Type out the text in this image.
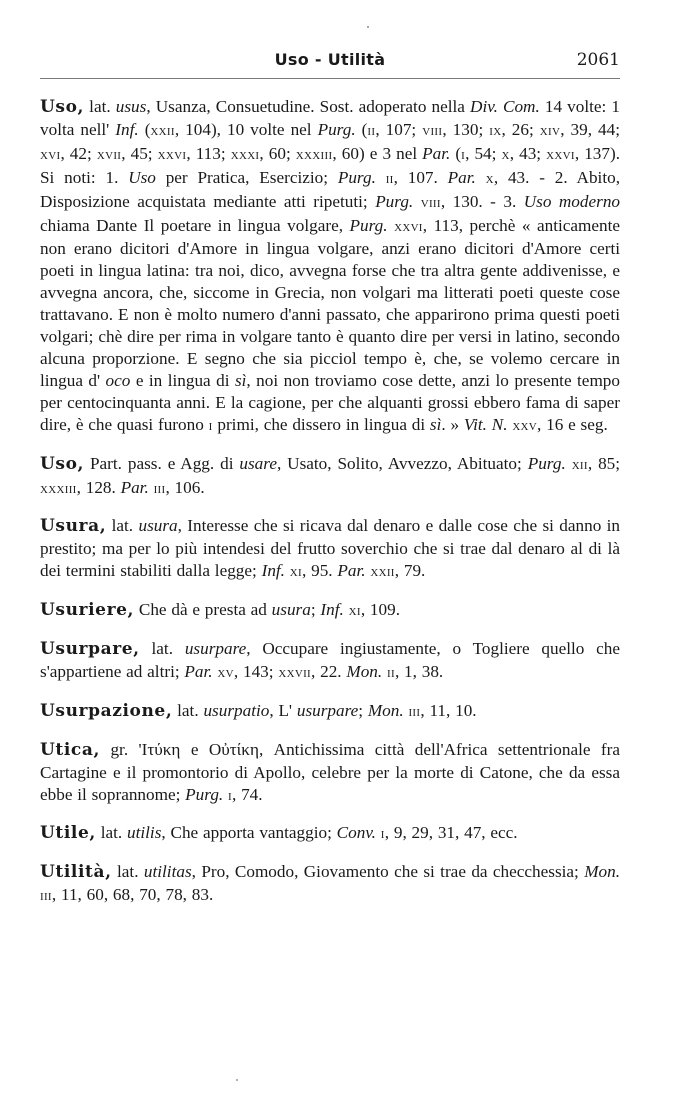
Uso - Utilità	2061

Uso, lat. usus, Usanza, Consuetudine. Sost. adoperato nella Div. Com. 14 volte: 1 volta nell' Inf. (xxii, 104), 10 volte nel Purg. (ii, 107; viii, 130; ix, 26; xiv, 39, 44; xvi, 42; xvii, 45; xxvi, 113; xxxi, 60; xxxiii, 60) e 3 nel Par. (i, 54; x, 43; xxvi, 137). Si noti: 1. Uso per Pratica, Esercizio; Purg. ii, 107. Par. x, 43. - 2. Abito, Disposizione acquistata mediante atti ripetuti; Purg. viii, 130. - 3. Uso moderno chiama Dante Il poetare in lingua volgare, Purg. xxvi, 113, perchè « anticamente non erano dicitori d'Amore in lingua volgare, anzi erano dicitori d'Amore certi poeti in lingua latina: tra noi, dico, avvegna forse che tra altra gente addivenisse, e avvegna ancora, che, siccome in Grecia, non volgari ma litterati poeti queste cose trattavano. E non è molto numero d'anni passato, che apparirono prima questi poeti volgari; chè dire per rima in volgare tanto è quanto dire per versi in latino, secondo alcuna proporzione. E segno che sia picciol tempo è, che, se volemo cercare in lingua d' oco e in lingua di sì, noi non troviamo cose dette, anzi lo presente tempo per centocinquanta anni. E la cagione, per che alquanti grossi ebbero fama di saper dire, è che quasi furono i primi, che dissero in lingua di sì. » Vit. N. xxv, 16 e seg.

Uso, Part. pass. e Agg. di usare, Usato, Solito, Avvezzo, Abituato; Purg. xii, 85; xxxiii, 128. Par. iii, 106.

Usura, lat. usura, Interesse che si ricava dal denaro e dalle cose che si danno in prestito; ma per lo più intendesi del frutto soverchio che si trae dal denaro al di là dei termini stabiliti dalla legge; Inf. xi, 95. Par. xxii, 79.

Usuriere, Che dà e presta ad usura; Inf. xi, 109.

Usurpare, lat. usurpare, Occupare ingiustamente, o Togliere quello che s'appartiene ad altri; Par. xv, 143; xxvii, 22. Mon. ii, 1, 38.

Usurpazione, lat. usurpatio, L' usurpare; Mon. iii, 11, 10.

Utica, gr. 'Ιτύκη e Οὐτίκη, Antichissima città dell'Africa settentrionale fra Cartagine e il promontorio di Apollo, celebre per la morte di Catone, che da essa ebbe il soprannome; Purg. i, 74.

Utile, lat. utilis, Che apporta vantaggio; Conv. i, 9, 29, 31, 47, ecc.

Utilità, lat. utilitas, Pro, Comodo, Giovamento che si trae da checchessia; Mon. iii, 11, 60, 68, 70, 78, 83.
